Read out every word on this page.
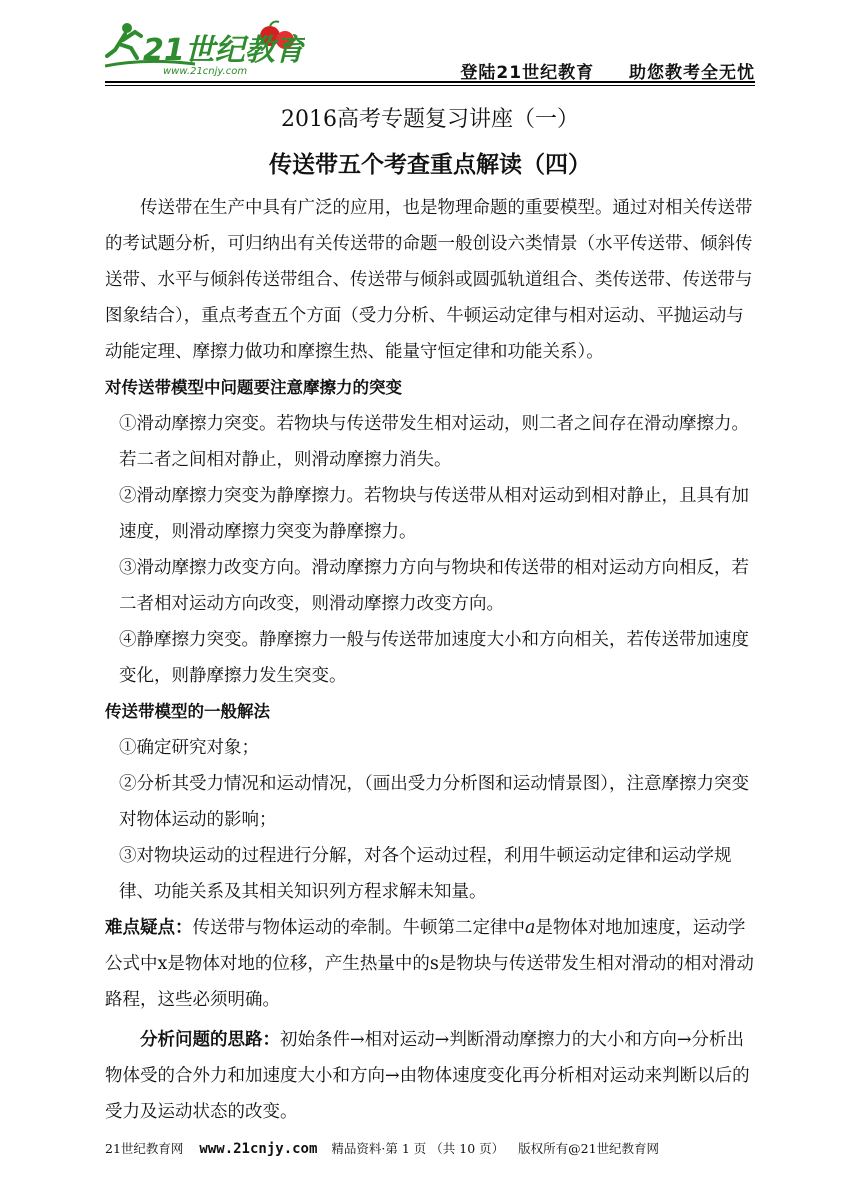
21世纪教育
www.21cnjy.com	登陆21世纪教育 助您教考全无忧
2016高考专题复习讲座（一）
传送带五个考查重点解读（四）

传送带在生产中具有广泛的应用，也是物理命题的重要模型。通过对相关传送带的考试题分析，可归纳出有关传送带的命题一般创设六类情景（水平传送带、倾斜传送带、水平与倾斜传送带组合、传送带与倾斜或圆弧轨道组合、类传送带、传送带与图象结合），重点考查五个方面（受力分析、牛顿运动定律与相对运动、平抛运动与动能定理、摩擦力做功和摩擦生热、能量守恒定律和功能关系）。

对传送带模型中问题要注意摩擦力的突变

①滑动摩擦力突变。若物块与传送带发生相对运动，则二者之间存在滑动摩擦力。若二者之间相对静止，则滑动摩擦力消失。

②滑动摩擦力突变为静摩擦力。若物块与传送带从相对运动到相对静止，且具有加速度，则滑动摩擦力突变为静摩擦力。

③滑动摩擦力改变方向。滑动摩擦力方向与物块和传送带的相对运动方向相反，若二者相对运动方向改变，则滑动摩擦力改变方向。

④静摩擦力突变。静摩擦力一般与传送带加速度大小和方向相关，若传送带加速度变化，则静摩擦力发生突变。

传送带模型的一般解法

①确定研究对象；

②分析其受力情况和运动情况，（画出受力分析图和运动情景图），注意摩擦力突变对物体运动的影响；

③对物块运动的过程进行分解，对各个运动过程，利用牛顿运动定律和运动学规律、功能关系及其相关知识列方程求解未知量。

难点疑点：传送带与物体运动的牵制。牛顿第二定律中a是物体对地加速度，运动学公式中x是物体对地的位移，产生热量中的s是物块与传送带发生相对滑动的相对滑动路程，这些必须明确。

分析问题的思路：初始条件→相对运动→判断滑动摩擦力的大小和方向→分析出物体受的合外力和加速度大小和方向→由物体速度变化再分析相对运动来判断以后的受力及运动状态的改变。

21世纪教育网 www.21cnjy.com 精品资料·第 1 页 （共 10 页） 版权所有@21世纪教育网
